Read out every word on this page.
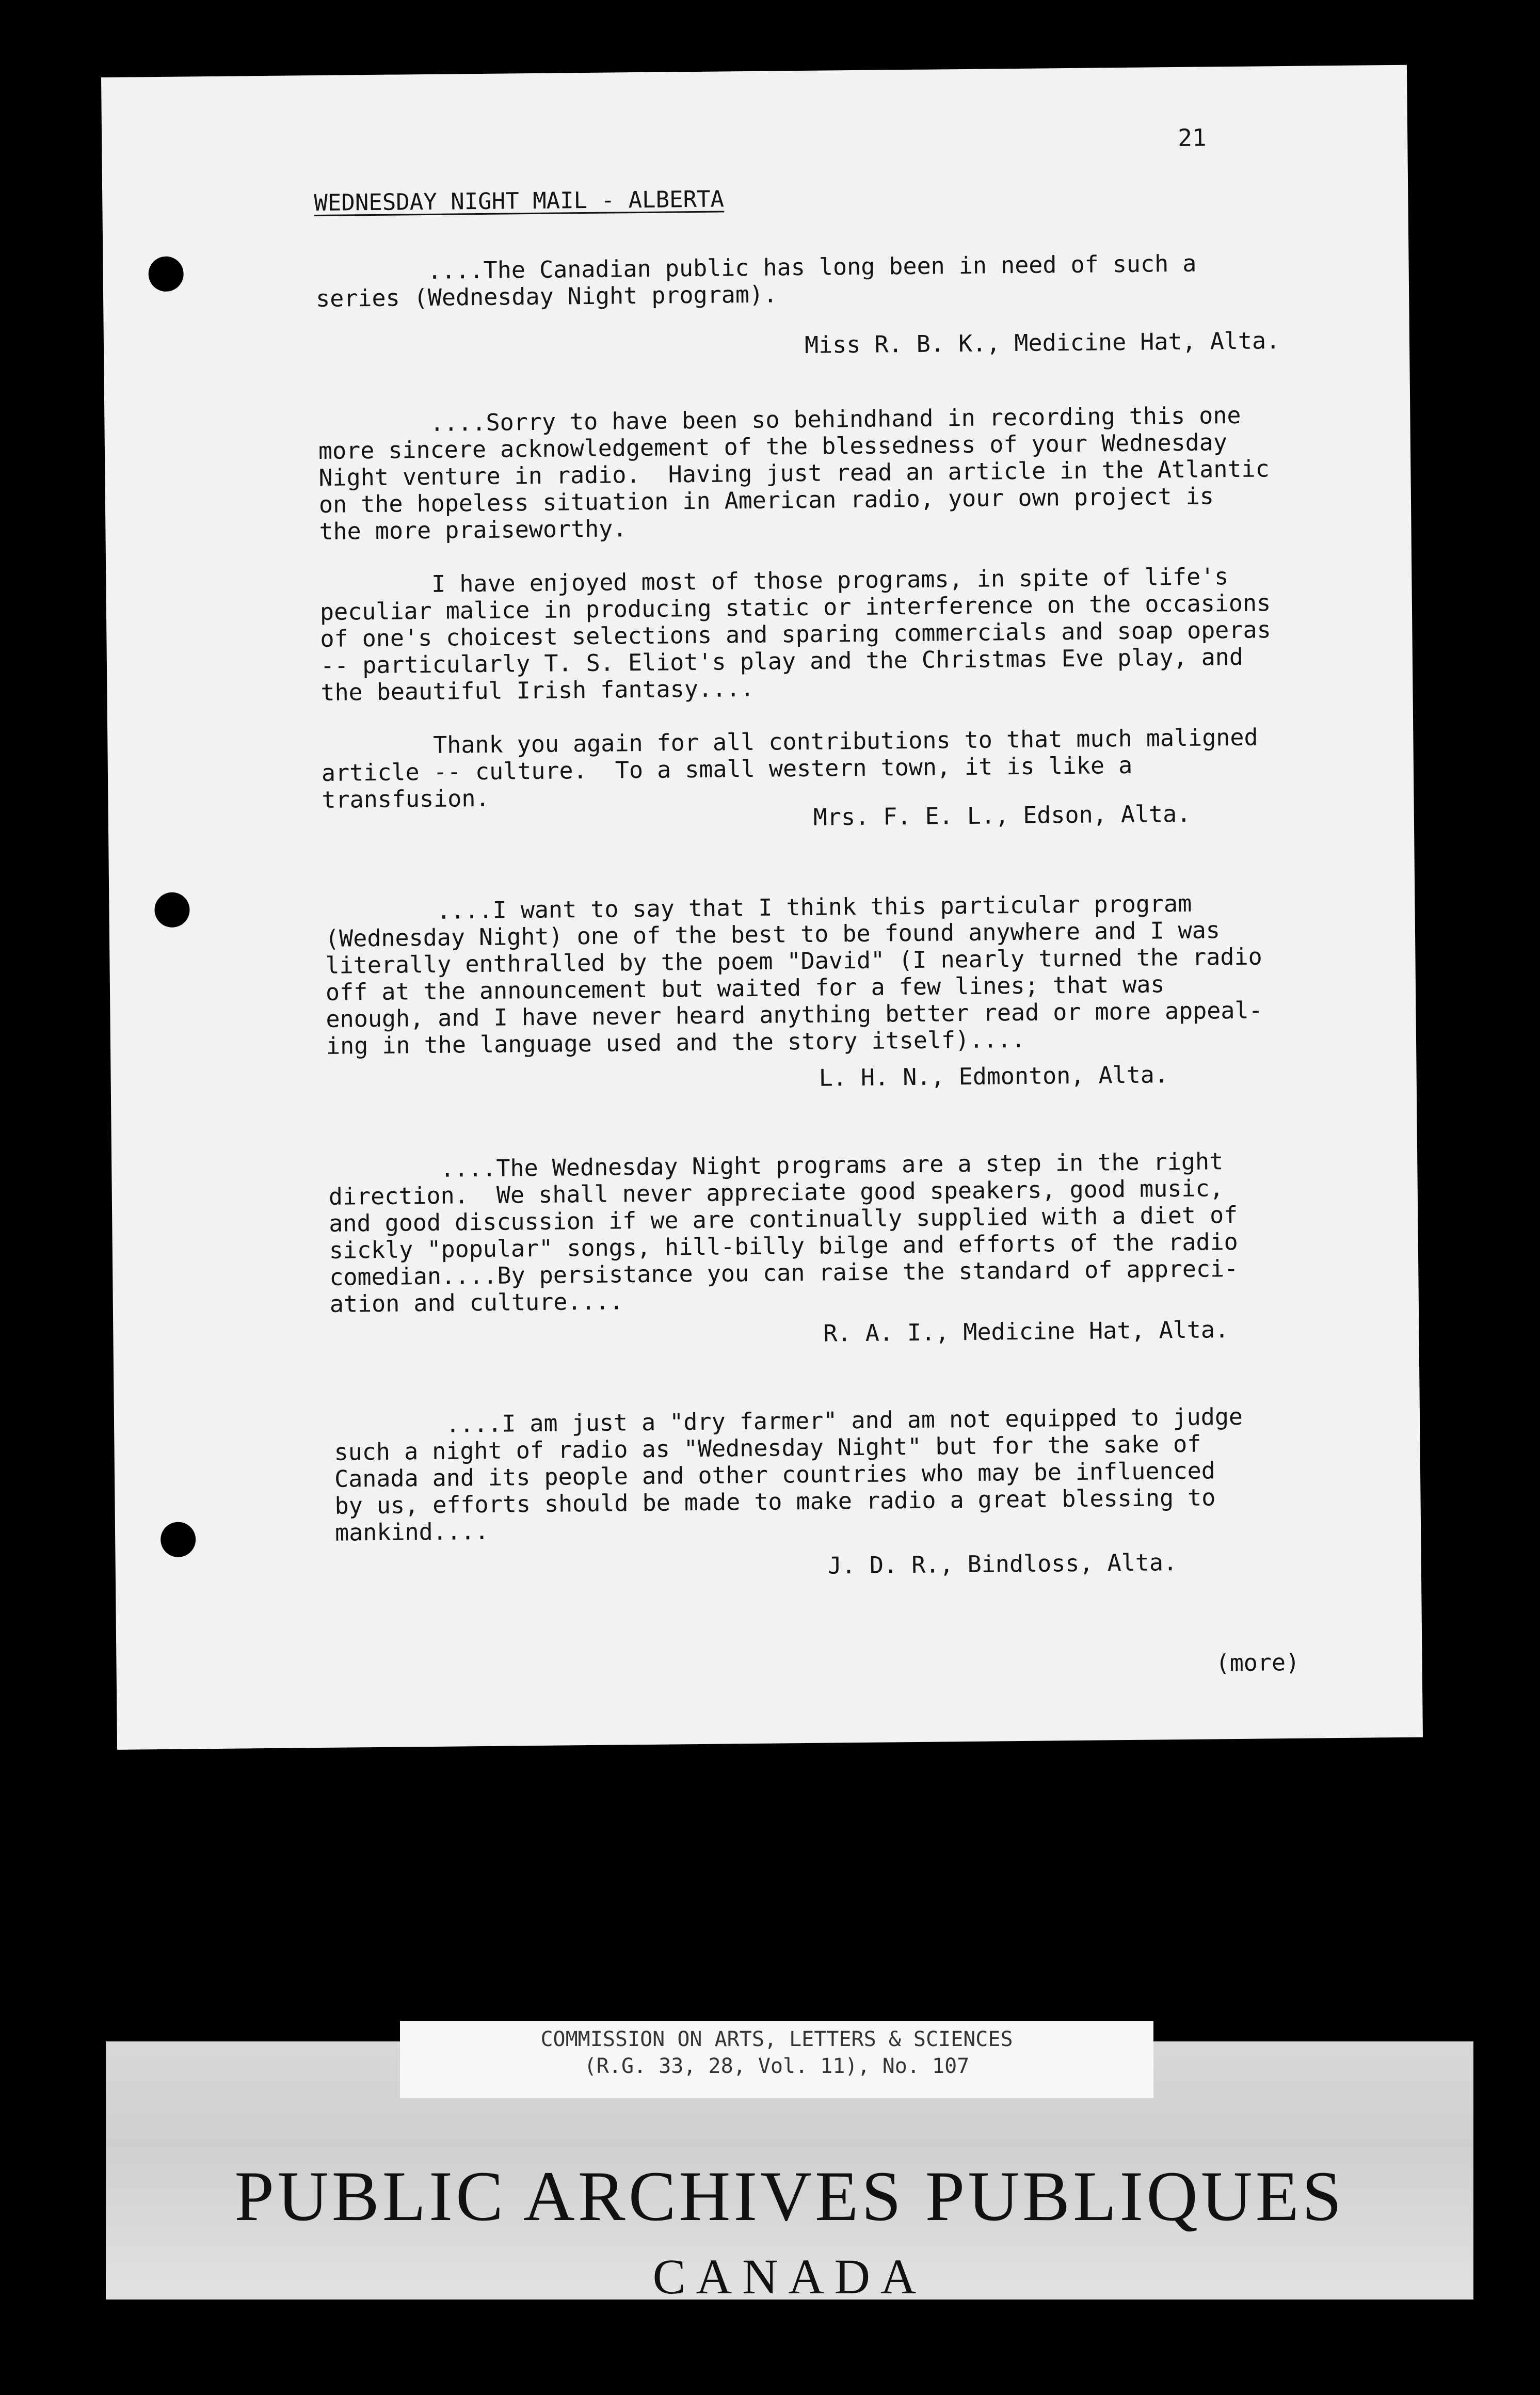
21
WEDNESDAY NIGHT MAIL - ALBERTA
....The Canadian public has long been in need of such a
series (Wednesday Night program).
Miss R. B. K., Medicine Hat, Alta.
....Sorry to have been so behindhand in recording this one
more sincere acknowledgement of the blessedness of your Wednesday
Night venture in radio.  Having just read an article in the Atlantic
on the hopeless situation in American radio, your own project is
the more praiseworthy.

I have enjoyed most of those programs, in spite of life's
peculiar malice in producing static or interference on the occasions
of one's choicest selections and sparing commercials and soap operas
-- particularly T. S. Eliot's play and the Christmas Eve play, and
the beautiful Irish fantasy....

Thank you again for all contributions to that much maligned
article -- culture.  To a small western town, it is like a
transfusion.
Mrs. F. E. L., Edson, Alta.
....I want to say that I think this particular program
(Wednesday Night) one of the best to be found anywhere and I was
literally enthralled by the poem "David" (I nearly turned the radio
off at the announcement but waited for a few lines; that was
enough, and I have never heard anything better read or more appeal-
ing in the language used and the story itself)....
L. H. N., Edmonton, Alta.
....The Wednesday Night programs are a step in the right
direction.  We shall never appreciate good speakers, good music,
and good discussion if we are continually supplied with a diet of
sickly "popular" songs, hill-billy bilge and efforts of the radio
comedian....By persistance you can raise the standard of appreci-
ation and culture....
R. A. I., Medicine Hat, Alta.
....I am just a "dry farmer" and am not equipped to judge
such a night of radio as "Wednesday Night" but for the sake of
Canada and its people and other countries who may be influenced
by us, efforts should be made to make radio a great blessing to
mankind....
J. D. R., Bindloss, Alta.
(more)
COMMISSION ON ARTS, LETTERS & SCIENCES
(R.G. 33, 28, Vol. 11), No. 107
PUBLIC ARCHIVES PUBLIQUES
CANADA
